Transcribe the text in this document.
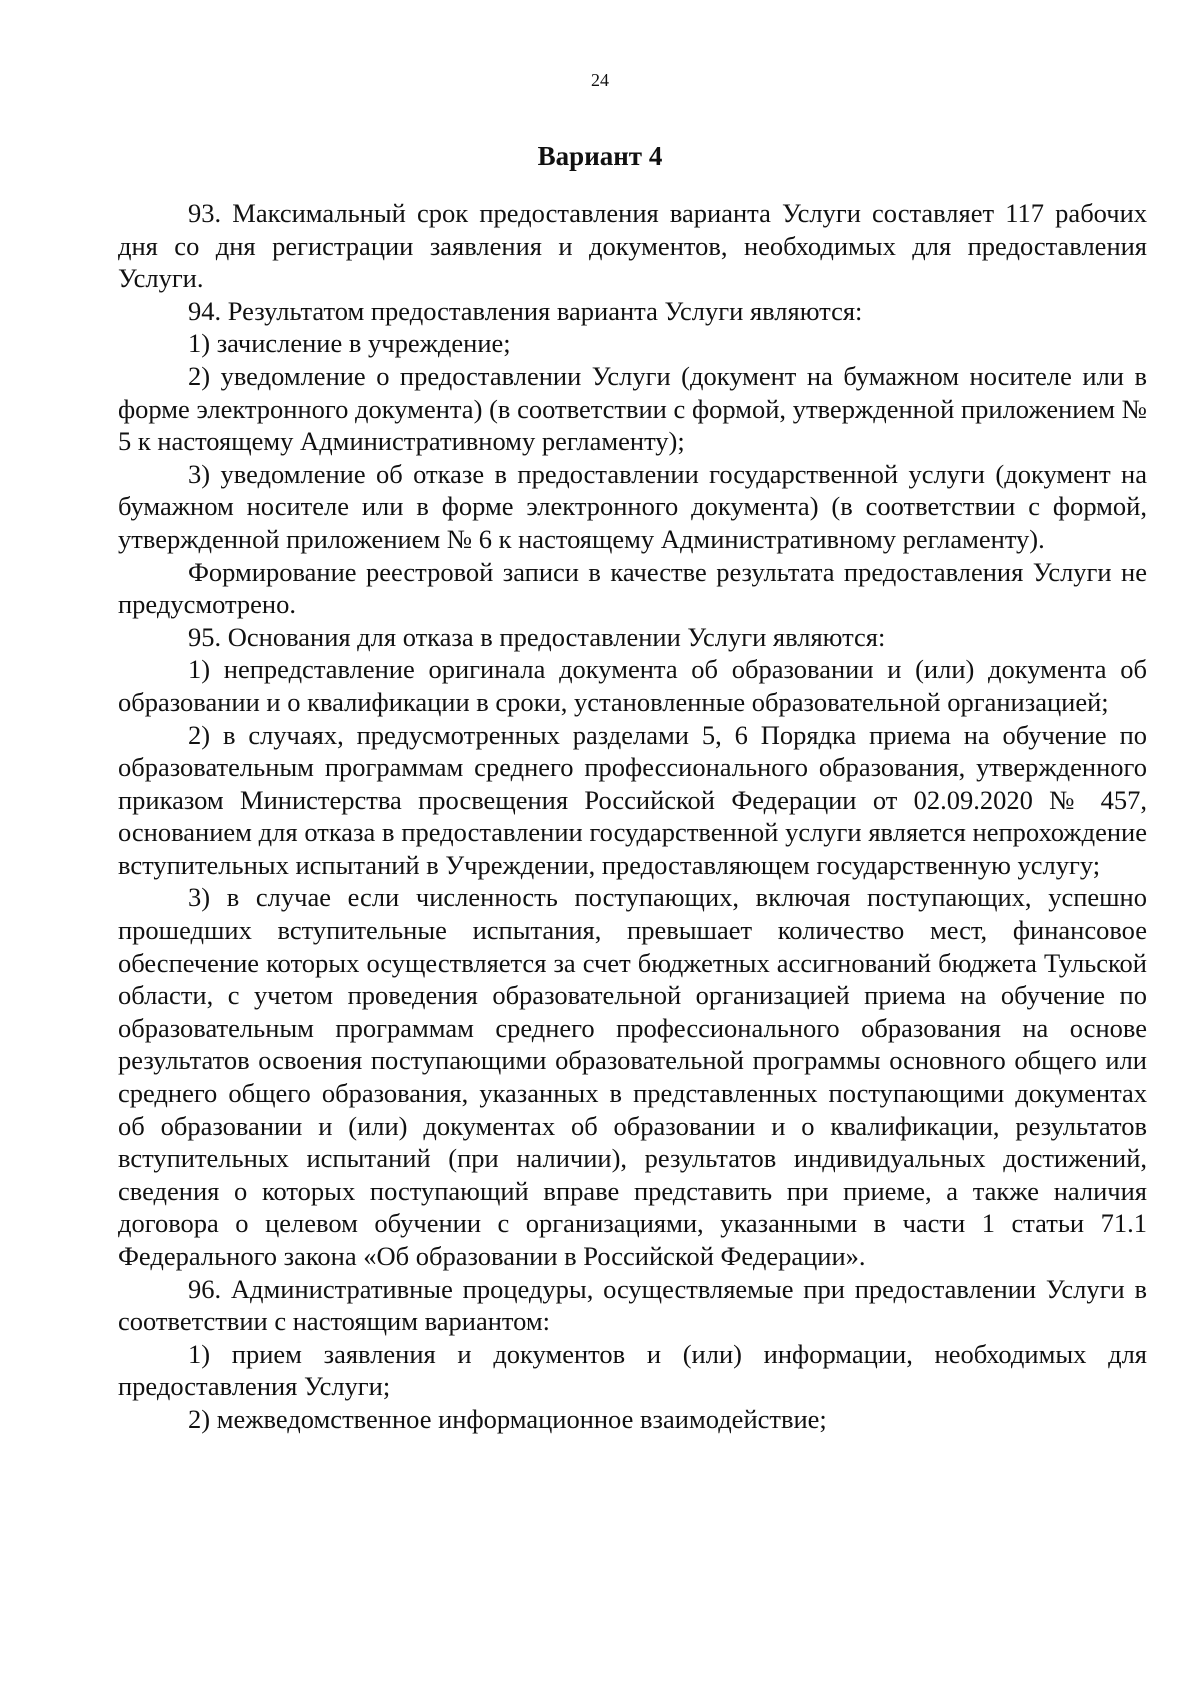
24
Вариант 4

93. Максимальный срок предоставления варианта Услуги составляет 117 рабочих дня со дня регистрации заявления и документов, необходимых для предоставления Услуги.

94. Результатом предоставления варианта Услуги являются:

1) зачисление в учреждение;

2) уведомление о предоставлении Услуги (документ на бумажном носителе или в форме электронного документа) (в соответствии с формой, утвержденной приложением № 5 к настоящему Административному регламенту);

3) уведомление об отказе в предоставлении государственной услуги (документ на бумажном носителе или в форме электронного документа) (в соответствии с формой, утвержденной приложением № 6 к настоящему Административному регламенту).

Формирование реестровой записи в качестве результата предоставления Услуги не предусмотрено.

95. Основания для отказа в предоставлении Услуги являются:

1) непредставление оригинала документа об образовании и (или) документа об образовании и о квалификации в сроки, установленные образовательной организацией;

2) в случаях, предусмотренных разделами 5, 6 Порядка приема на обучение по образовательным программам среднего профессионального образования, утвержденного приказом Министерства просвещения Российской Федерации от 02.09.2020 № 457, основанием для отказа в предоставлении государственной услуги является непрохождение вступительных испытаний в Учреждении, предоставляющем государственную услугу;

3) в случае если численность поступающих, включая поступающих, успешно прошедших вступительные испытания, превышает количество мест, финансовое обеспечение которых осуществляется за счет бюджетных ассигнований бюджета Тульской области, с учетом проведения образовательной организацией приема на обучение по образовательным программам среднего профессионального образования на основе результатов освоения поступающими образовательной программы основного общего или среднего общего образования, указанных в представленных поступающими документах об образовании и (или) документах об образовании и о квалификации, результатов вступительных испытаний (при наличии), результатов индивидуальных достижений, сведения о которых поступающий вправе представить при приеме, а также наличия договора о целевом обучении с организациями, указанными в части 1 статьи 71.1 Федерального закона «Об образовании в Российской Федерации».

96. Административные процедуры, осуществляемые при предоставлении Услуги в соответствии с настоящим вариантом:

1) прием заявления и документов и (или) информации, необходимых для предоставления Услуги;

2) межведомственное информационное взаимодействие;
